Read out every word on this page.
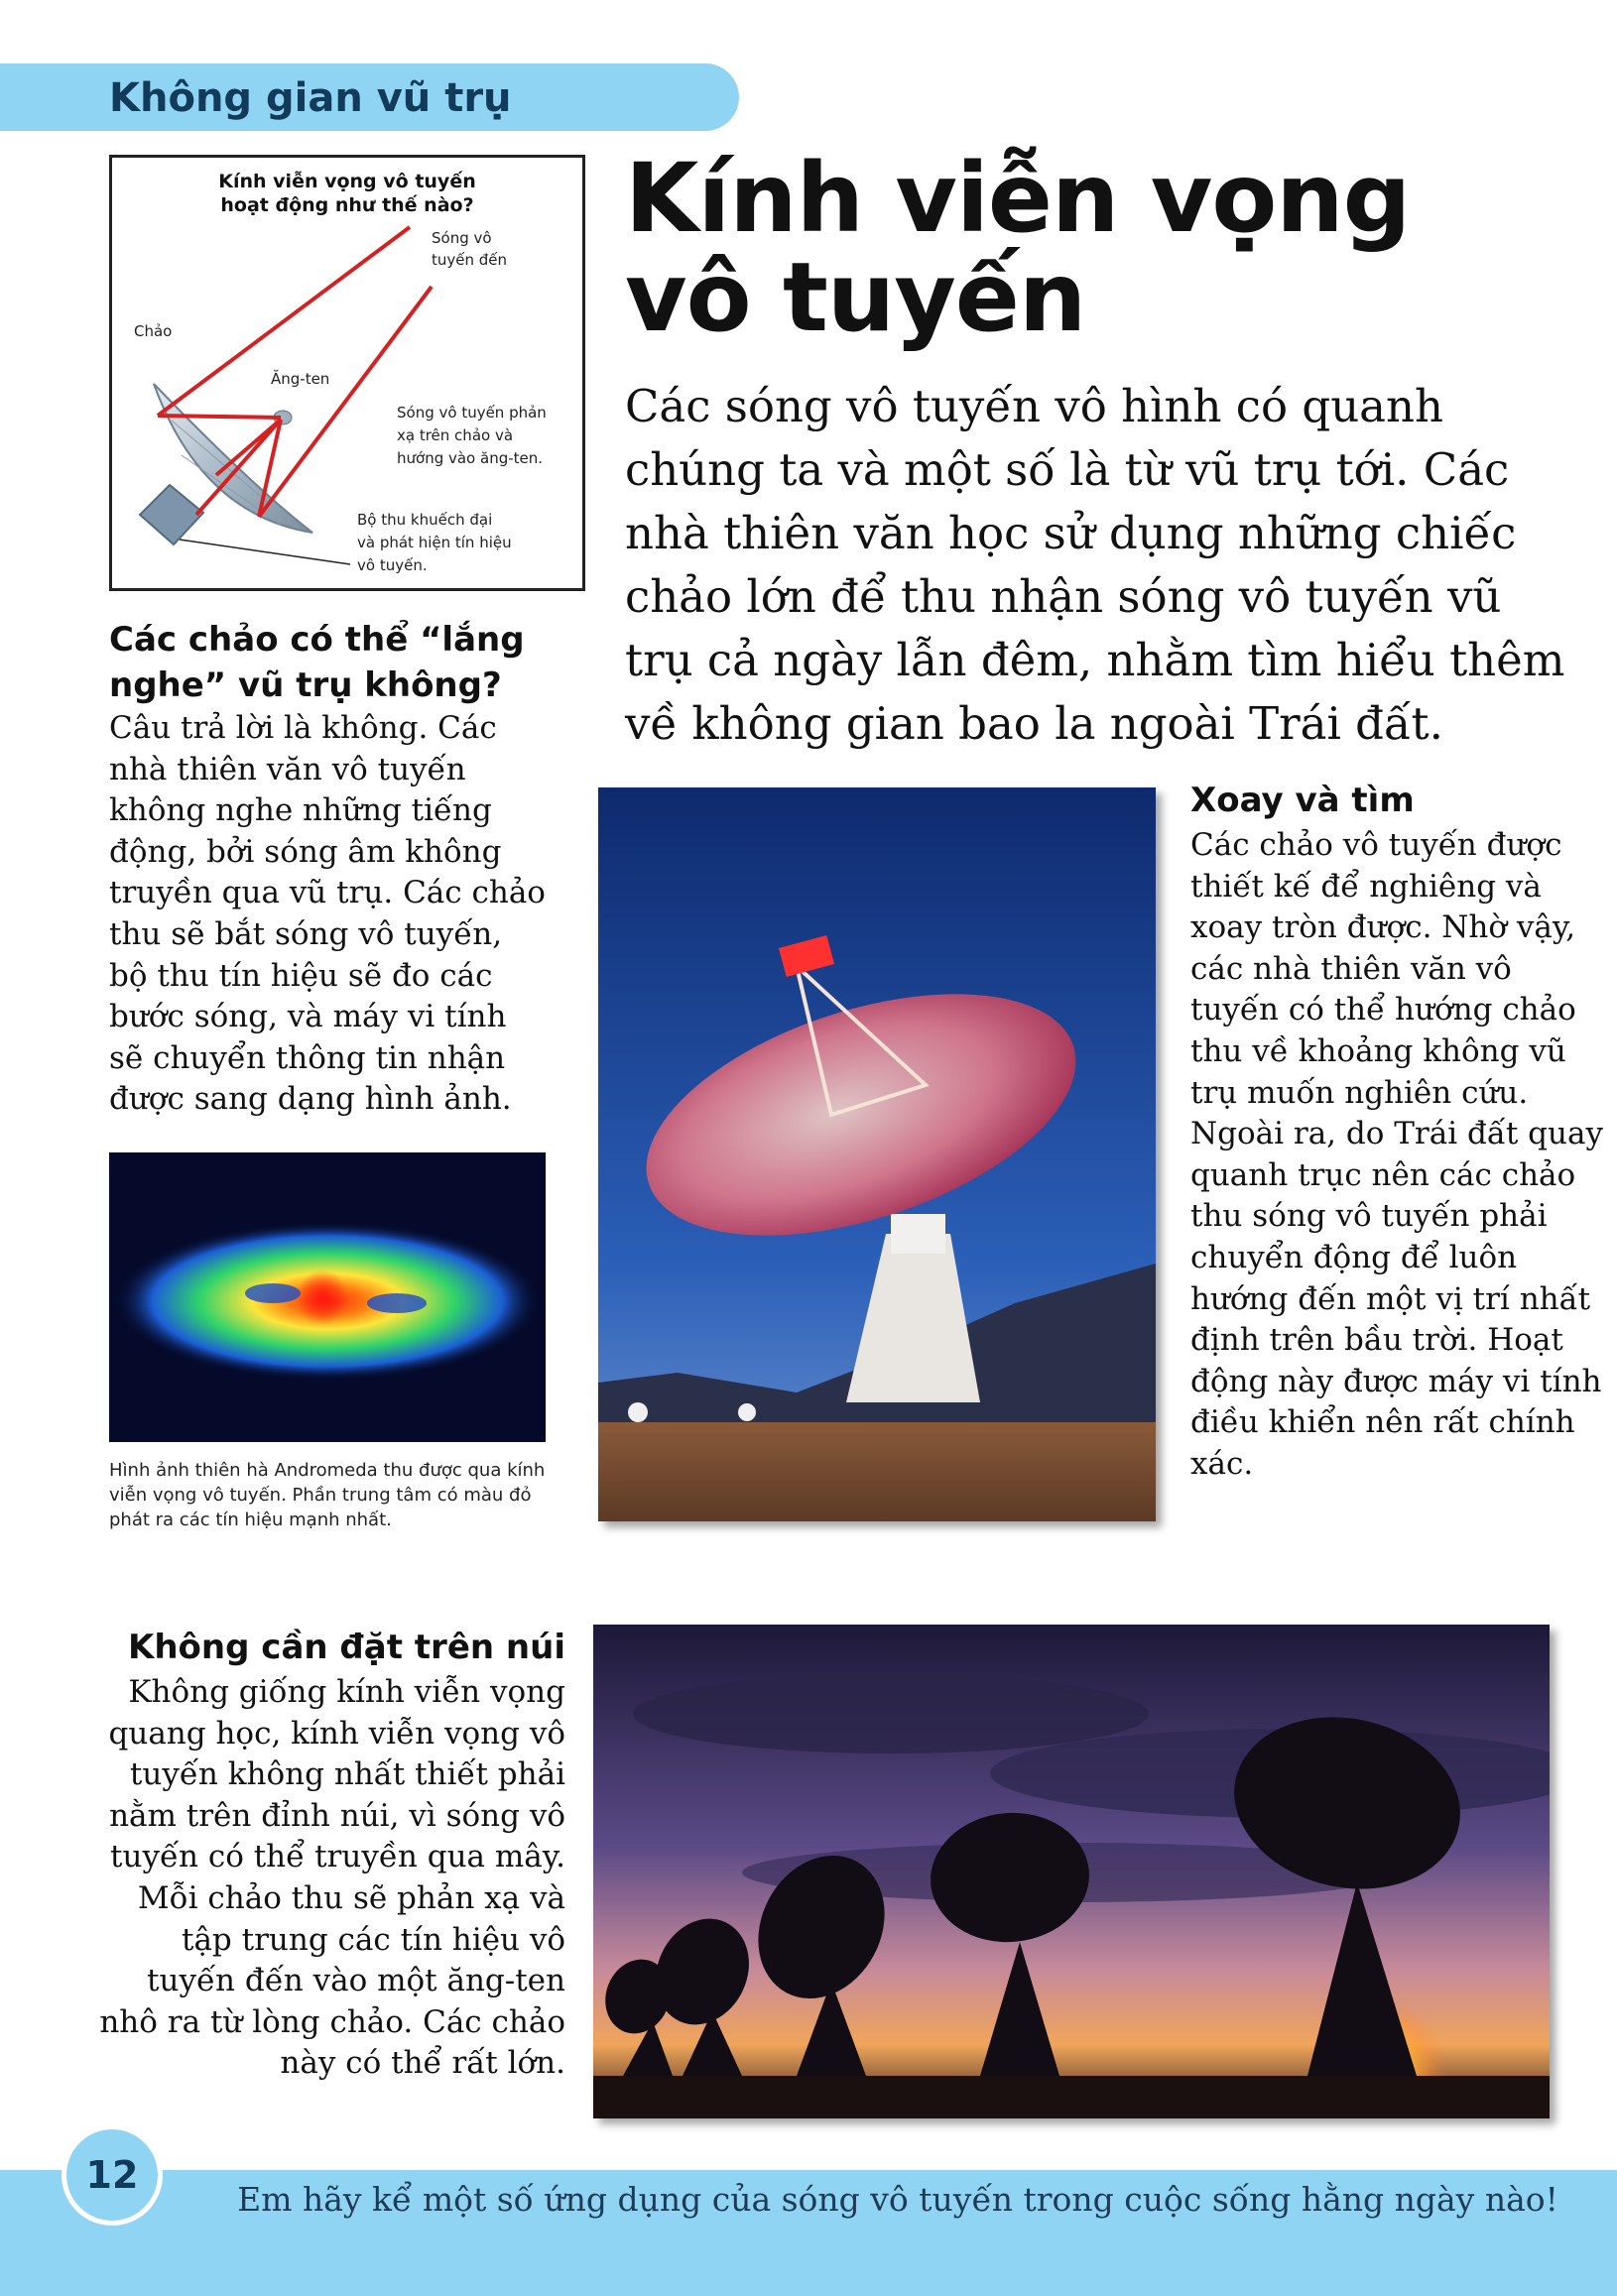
Không gian vũ trụ
Kính viễn vọng vô tuyến
hoạt động như thế nào?
Sóng vô
tuyến đến
Chảo
Ăng-ten
Sóng vô tuyến phản
xạ trên chảo và
hướng vào ăng-ten.
Bộ thu khuếch đại
và phát hiện tín hiệu
vô tuyến.
Kính viễn vọng vô tuyến
Các sóng vô tuyến vô hình có quanh chúng ta và một số là từ vũ trụ tới. Các nhà thiên văn học sử dụng những chiếc chảo lớn để thu nhận sóng vô tuyến vũ trụ cả ngày lẫn đêm, nhằm tìm hiểu thêm về không gian bao la ngoài Trái đất.
Các chảo có thể “lắng nghe” vũ trụ không?
Câu trả lời là không. Các nhà thiên văn vô tuyến không nghe những tiếng động, bởi sóng âm không truyền qua vũ trụ. Các chảo thu sẽ bắt sóng vô tuyến, bộ thu tín hiệu sẽ đo các bước sóng, và máy vi tính sẽ chuyển thông tin nhận được sang dạng hình ảnh.
Hình ảnh thiên hà Andromeda thu được qua kính viễn vọng vô tuyến. Phần trung tâm có màu đỏ phát ra các tín hiệu mạnh nhất.
Xoay và tìm
Các chảo vô tuyến được thiết kế để nghiêng và xoay tròn được. Nhờ vậy, các nhà thiên văn vô tuyến có thể hướng chảo thu về khoảng không vũ trụ muốn nghiên cứu. Ngoài ra, do Trái đất quay quanh trục nên các chảo thu sóng vô tuyến phải chuyển động để luôn hướng đến một vị trí nhất định trên bầu trời. Hoạt động này được máy vi tính điều khiển nên rất chính xác.
Không cần đặt trên núi
Không giống kính viễn vọng quang học, kính viễn vọng vô tuyến không nhất thiết phải nằm trên đỉnh núi, vì sóng vô tuyến có thể truyền qua mây. Mỗi chảo thu sẽ phản xạ và tập trung các tín hiệu vô tuyến đến vào một ăng-ten nhô ra từ lòng chảo. Các chảo này có thể rất lớn.
12
Em hãy kể một số ứng dụng của sóng vô tuyến trong cuộc sống hằng ngày nào!
